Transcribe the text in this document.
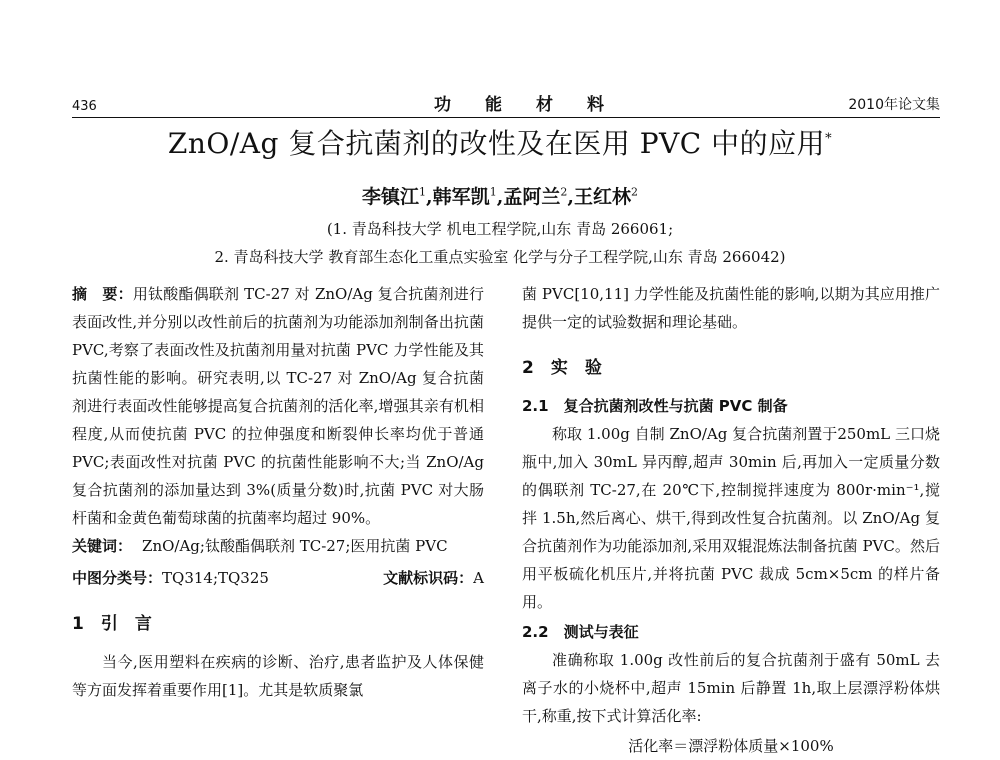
436	功能材料	2010年论文集
ZnO/Ag 复合抗菌剂的改性及在医用 PVC 中的应用*
李镇江$^1$,韩军凯$^1$,孟阿兰$^2$,王红林$^2$
(1. 青岛科技大学 机电工程学院,山东 青岛 266061;
2. 青岛科技大学 教育部生态化工重点实验室 化学与分子工程学院,山东 青岛 266042)

摘　要：用钛酸酯偶联剂 TC-27 对 ZnO/Ag 复合抗菌剂进行表面改性,并分别以改性前后的抗菌剂为功能添加剂制备出抗菌 PVC,考察了表面改性及抗菌剂用量对抗菌 PVC 力学性能及其抗菌性能的影响。研究表明,以 TC-27 对 ZnO/Ag 复合抗菌剂进行表面改性能够提高复合抗菌剂的活化率,增强其亲有机相程度,从而使抗菌 PVC 的拉伸强度和断裂伸长率均优于普通 PVC;表面改性对抗菌 PVC 的抗菌性能影响不大;当 ZnO/Ag 复合抗菌剂的添加量达到 3%(质量分数)时,抗菌 PVC 对大肠杆菌和金黄色葡萄球菌的抗菌率均超过 90%。

关键词： ZnO/Ag;钛酸酯偶联剂 TC-27;医用抗菌 PVC
中图分类号：TQ314;TQ325	文献标识码：A
1　引　言

当今,医用塑料在疾病的诊断、治疗,患者监护及人体保健等方面发挥着重要作用[1]。尤其是软质聚氯

菌 PVC[10,11] 力学性能及抗菌性能的影响,以期为其应用推广提供一定的试验数据和理论基础。

2　实　验
2.1　复合抗菌剂改性与抗菌 PVC 制备

称取 1.00g 自制 ZnO/Ag 复合抗菌剂置于250mL 三口烧瓶中,加入 30mL 异丙醇,超声 30min 后,再加入一定质量分数的偶联剂 TC-27,在 20℃下,控制搅拌速度为 800r·min⁻¹,搅拌 1.5h,然后离心、烘干,得到改性复合抗菌剂。以 ZnO/Ag 复合抗菌剂作为功能添加剂,采用双辊混炼法制备抗菌 PVC。然后用平板硫化机压片,并将抗菌 PVC 裁成 5cm×5cm 的样片备用。

2.2　测试与表征

准确称取 1.00g 改性前后的复合抗菌剂于盛有 50mL 去离子水的小烧杯中,超声 15min 后静置 1h,取上层漂浮粉体烘干,称重,按下式计算活化率:

活化率＝漂浮粉体质量×100%
